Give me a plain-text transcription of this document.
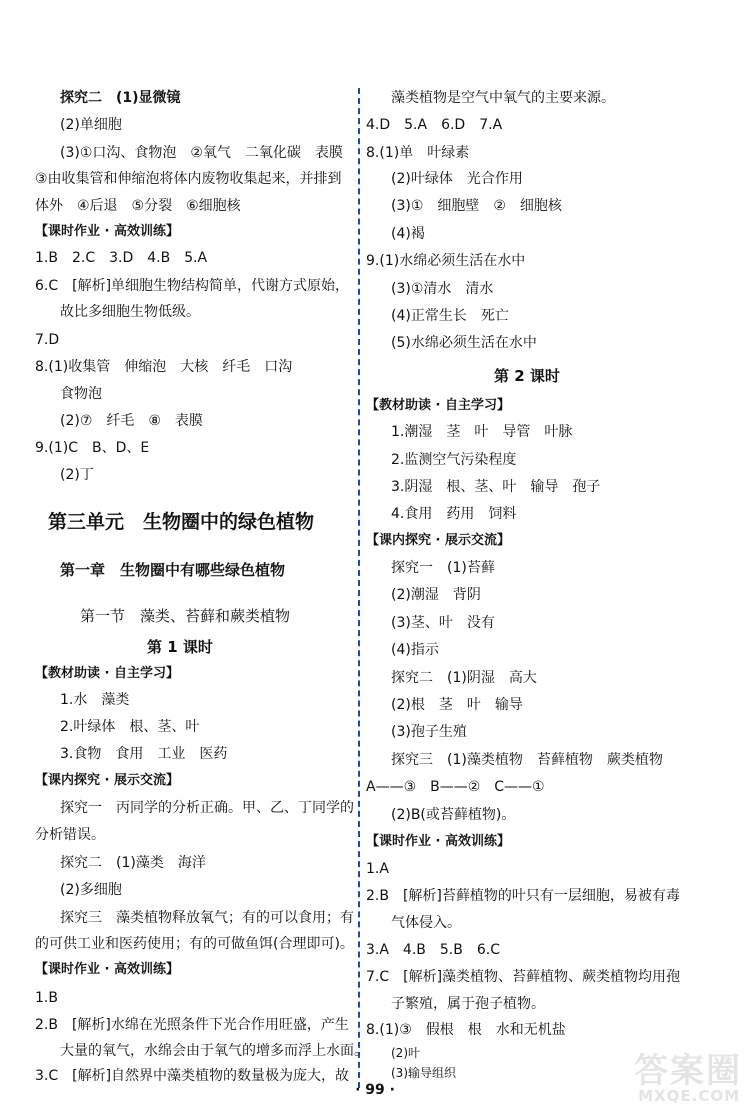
探究二　(1)显微镜
(2)单细胞
(3)①口沟、食物泡　②氧气　二氧化碳　表膜
③由收集管和伸缩泡将体内废物收集起来，并排到
体外　④后退　⑤分裂　⑥细胞核
【课时作业 · 高效训练】
1.B　2.C　3.D　4.B　5.A
6.C　[解析]单细胞生物结构简单，代谢方式原始，
故比多细胞生物低级。
7.D
8.(1)收集管　伸缩泡　大核　纤毛　口沟
食物泡
(2)⑦　纤毛　⑧　表膜
9.(1)C　B、D、E
(2)丁
第三单元　生物圈中的绿色植物
第一章　生物圈中有哪些绿色植物
第一节　藻类、苔藓和蕨类植物
第 1 课时
【教材助读 · 自主学习】
1.水　藻类
2.叶绿体　根、茎、叶
3.食物　食用　工业　医药
【课内探究 · 展示交流】
探究一　丙同学的分析正确。甲、乙、丁同学的
分析错误。
探究二　(1)藻类　海洋
(2)多细胞
探究三　藻类植物释放氧气；有的可以食用；有
的可供工业和医药使用；有的可做鱼饵(合理即可)。
【课时作业 · 高效训练】
1.B
2.B　[解析]水绵在光照条件下光合作用旺盛，产生
大量的氧气，水绵会由于氧气的增多而浮上水面。
3.C　[解析]自然界中藻类植物的数量极为庞大，故
藻类植物是空气中氧气的主要来源。
4.D　5.A　6.D　7.A
8.(1)单　叶绿素
(2)叶绿体　光合作用
(3)①　细胞壁　②　细胞核
(4)褐
9.(1)水绵必须生活在水中
(3)①清水　清水
(4)正常生长　死亡
(5)水绵必须生活在水中
第 2 课时
【教材助读 · 自主学习】
1.潮湿　茎　叶　导管　叶脉
2.监测空气污染程度
3.阴湿　根、茎、叶　输导　孢子
4.食用　药用　饲料
【课内探究 · 展示交流】
探究一　(1)苔藓
(2)潮湿　背阴
(3)茎、叶　没有
(4)指示
探究二　(1)阴湿　高大
(2)根　茎　叶　输导
(3)孢子生殖
探究三　(1)藻类植物　苔藓植物　蕨类植物
A——③　B——②　C——①
(2)B(或苔藓植物)。
【课时作业 · 高效训练】
1.A
2.B　[解析]苔藓植物的叶只有一层细胞，易被有毒
气体侵入。
3.A　4.B　5.B　6.C
7.C　[解析]藻类植物、苔藓植物、蕨类植物均用孢
子繁殖，属于孢子植物。
8.(1)③　假根　根　水和无机盐
(2)叶
(3)输导组织
· 99 ·	答案圈
MXQE.COM
